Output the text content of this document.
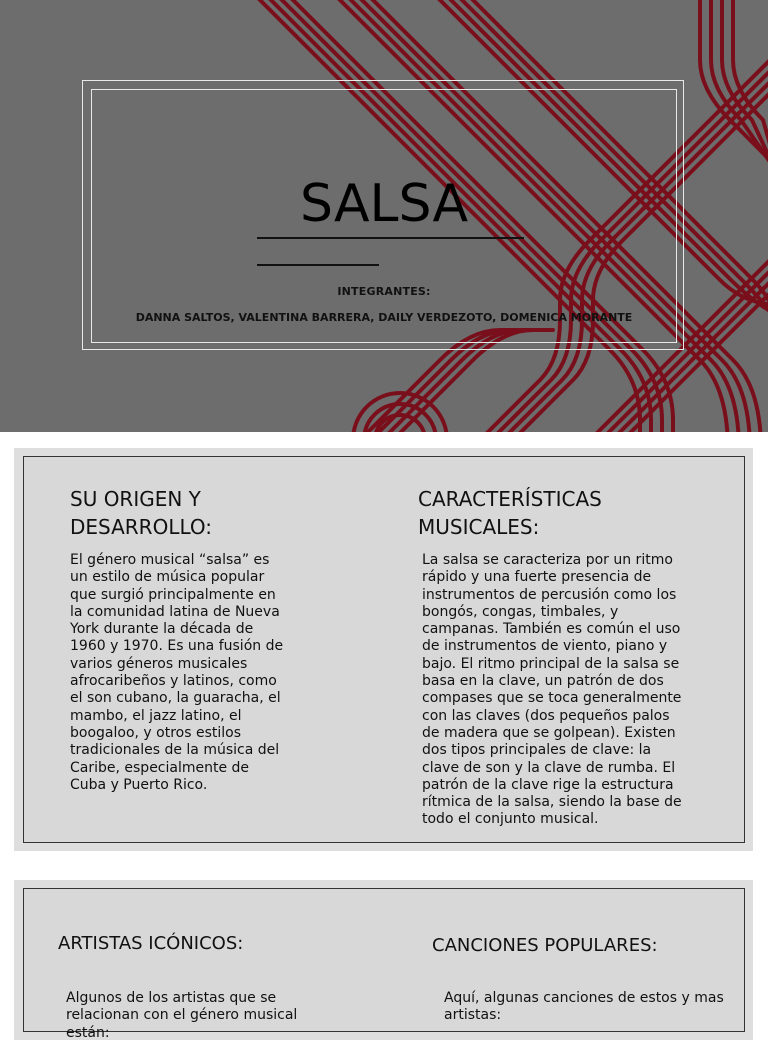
SALSA
INTEGRANTES:
DANNA SALTOS, VALENTINA BARRERA, DAILY VERDEZOTO, DOMENICA MORANTE
SU ORIGEN Y
DESARROLLO:
El género musical “salsa” es un estilo de música popular que surgió principalmente en la comunidad latina de Nueva York durante la década de 1960 y 1970. Es una fusión de varios géneros musicales afrocaribeños y latinos, como el son cubano, la guaracha, el mambo, el jazz latino, el boogaloo, y otros estilos tradicionales de la música del Caribe, especialmente de Cuba y Puerto Rico.
CARACTERÍSTICAS
MUSICALES:
La salsa se caracteriza por un ritmo rápido y una fuerte presencia de instrumentos de percusión como los bongós, congas, timbales, y campanas. También es común el uso de instrumentos de viento, piano y bajo. El ritmo principal de la salsa se basa en la clave, un patrón de dos compases que se toca generalmente con las claves (dos pequeños palos de madera que se golpean). Existen dos tipos principales de clave: la clave de son y la clave de rumba. El patrón de la clave rige la estructura rítmica de la salsa, siendo la base de todo el conjunto musical.
ARTISTAS ICÓNICOS:
Algunos de los artistas que se relacionan con el género musical están:
CANCIONES POPULARES:
Aquí, algunas canciones de estos y mas artistas:
